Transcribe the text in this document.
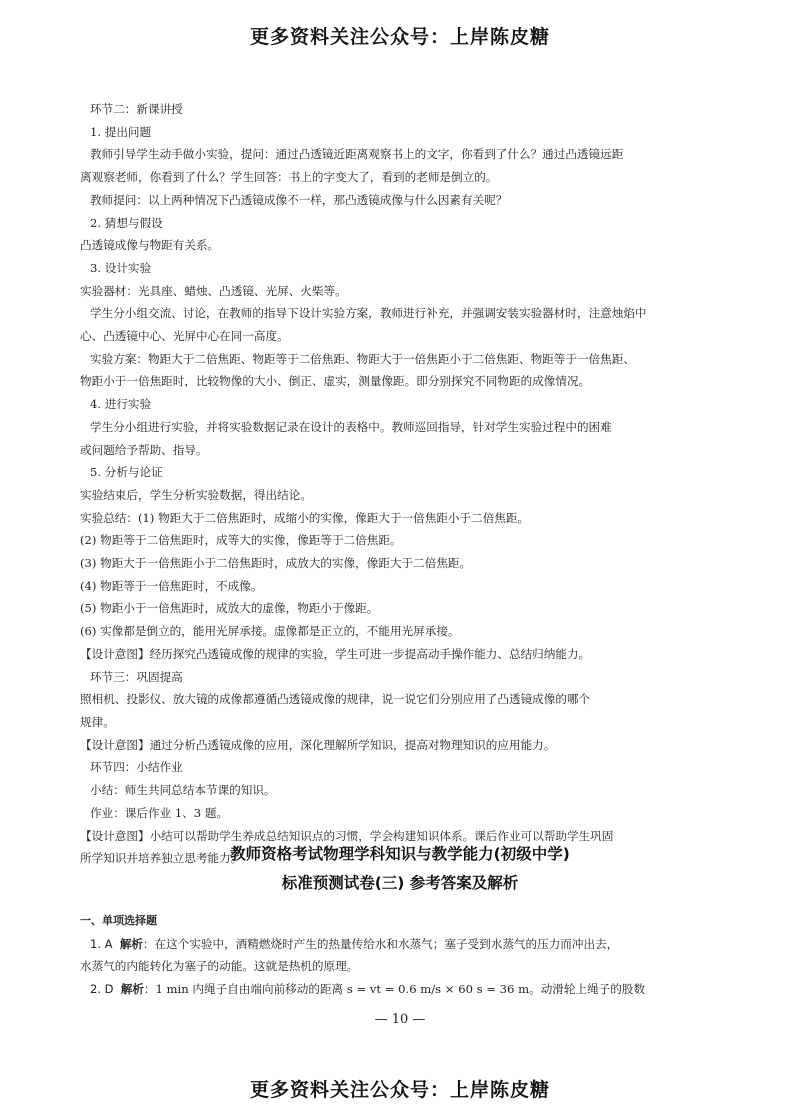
更多资料关注公众号：上岸陈皮糖
环节二：新课讲授
1. 提出问题
教师引导学生动手做小实验，提问：通过凸透镜近距离观察书上的文字，你看到了什么？通过凸透镜远距
离观察老师，你看到了什么？学生回答：书上的字变大了，看到的老师是倒立的。
教师提问：以上两种情况下凸透镜成像不一样，那凸透镜成像与什么因素有关呢？
2. 猜想与假设
凸透镜成像与物距有关系。
3. 设计实验
实验器材：光具座、蜡烛、凸透镜、光屏、火柴等。
学生分小组交流、讨论，在教师的指导下设计实验方案，教师进行补充，并强调安装实验器材时，注意烛焰中
心、凸透镜中心、光屏中心在同一高度。
实验方案：物距大于二倍焦距、物距等于二倍焦距、物距大于一倍焦距小于二倍焦距、物距等于一倍焦距、
物距小于一倍焦距时，比较物像的大小、倒正、虚实，测量像距。即分别探究不同物距的成像情况。
4. 进行实验
学生分小组进行实验，并将实验数据记录在设计的表格中。教师巡回指导，针对学生实验过程中的困难
或问题给予帮助、指导。
5. 分析与论证
实验结束后，学生分析实验数据，得出结论。
实验总结：(1) 物距大于二倍焦距时，成缩小的实像，像距大于一倍焦距小于二倍焦距。
(2) 物距等于二倍焦距时，成等大的实像，像距等于二倍焦距。
(3) 物距大于一倍焦距小于二倍焦距时，成放大的实像，像距大于二倍焦距。
(4) 物距等于一倍焦距时，不成像。
(5) 物距小于一倍焦距时，成放大的虚像，物距小于像距。
(6) 实像都是倒立的，能用光屏承接。虚像都是正立的，不能用光屏承接。
【设计意图】经历探究凸透镜成像的规律的实验，学生可进一步提高动手操作能力、总结归纳能力。
环节三：巩固提高
照相机、投影仪、放大镜的成像都遵循凸透镜成像的规律，说一说它们分别应用了凸透镜成像的哪个
规律。
【设计意图】通过分析凸透镜成像的应用，深化理解所学知识，提高对物理知识的应用能力。
环节四：小结作业
小结：师生共同总结本节课的知识。
作业：课后作业 1、3 题。
【设计意图】小结可以帮助学生养成总结知识点的习惯，学会构建知识体系。课后作业可以帮助学生巩固
所学知识并培养独立思考能力。
教师资格考试物理学科知识与教学能力(初级中学)
标准预测试卷(三) 参考答案及解析
一、单项选择题
1. A 解析：在这个实验中，酒精燃烧时产生的热量传给水和水蒸气；塞子受到水蒸气的压力而冲出去，
水蒸气的内能转化为塞子的动能。这就是热机的原理。
2. D 解析：1 min 内绳子自由端向前移动的距离 s = vt = 0.6 m/s × 60 s = 36 m。动滑轮上绳子的股数
— 10 —
更多资料关注公众号：上岸陈皮糖
